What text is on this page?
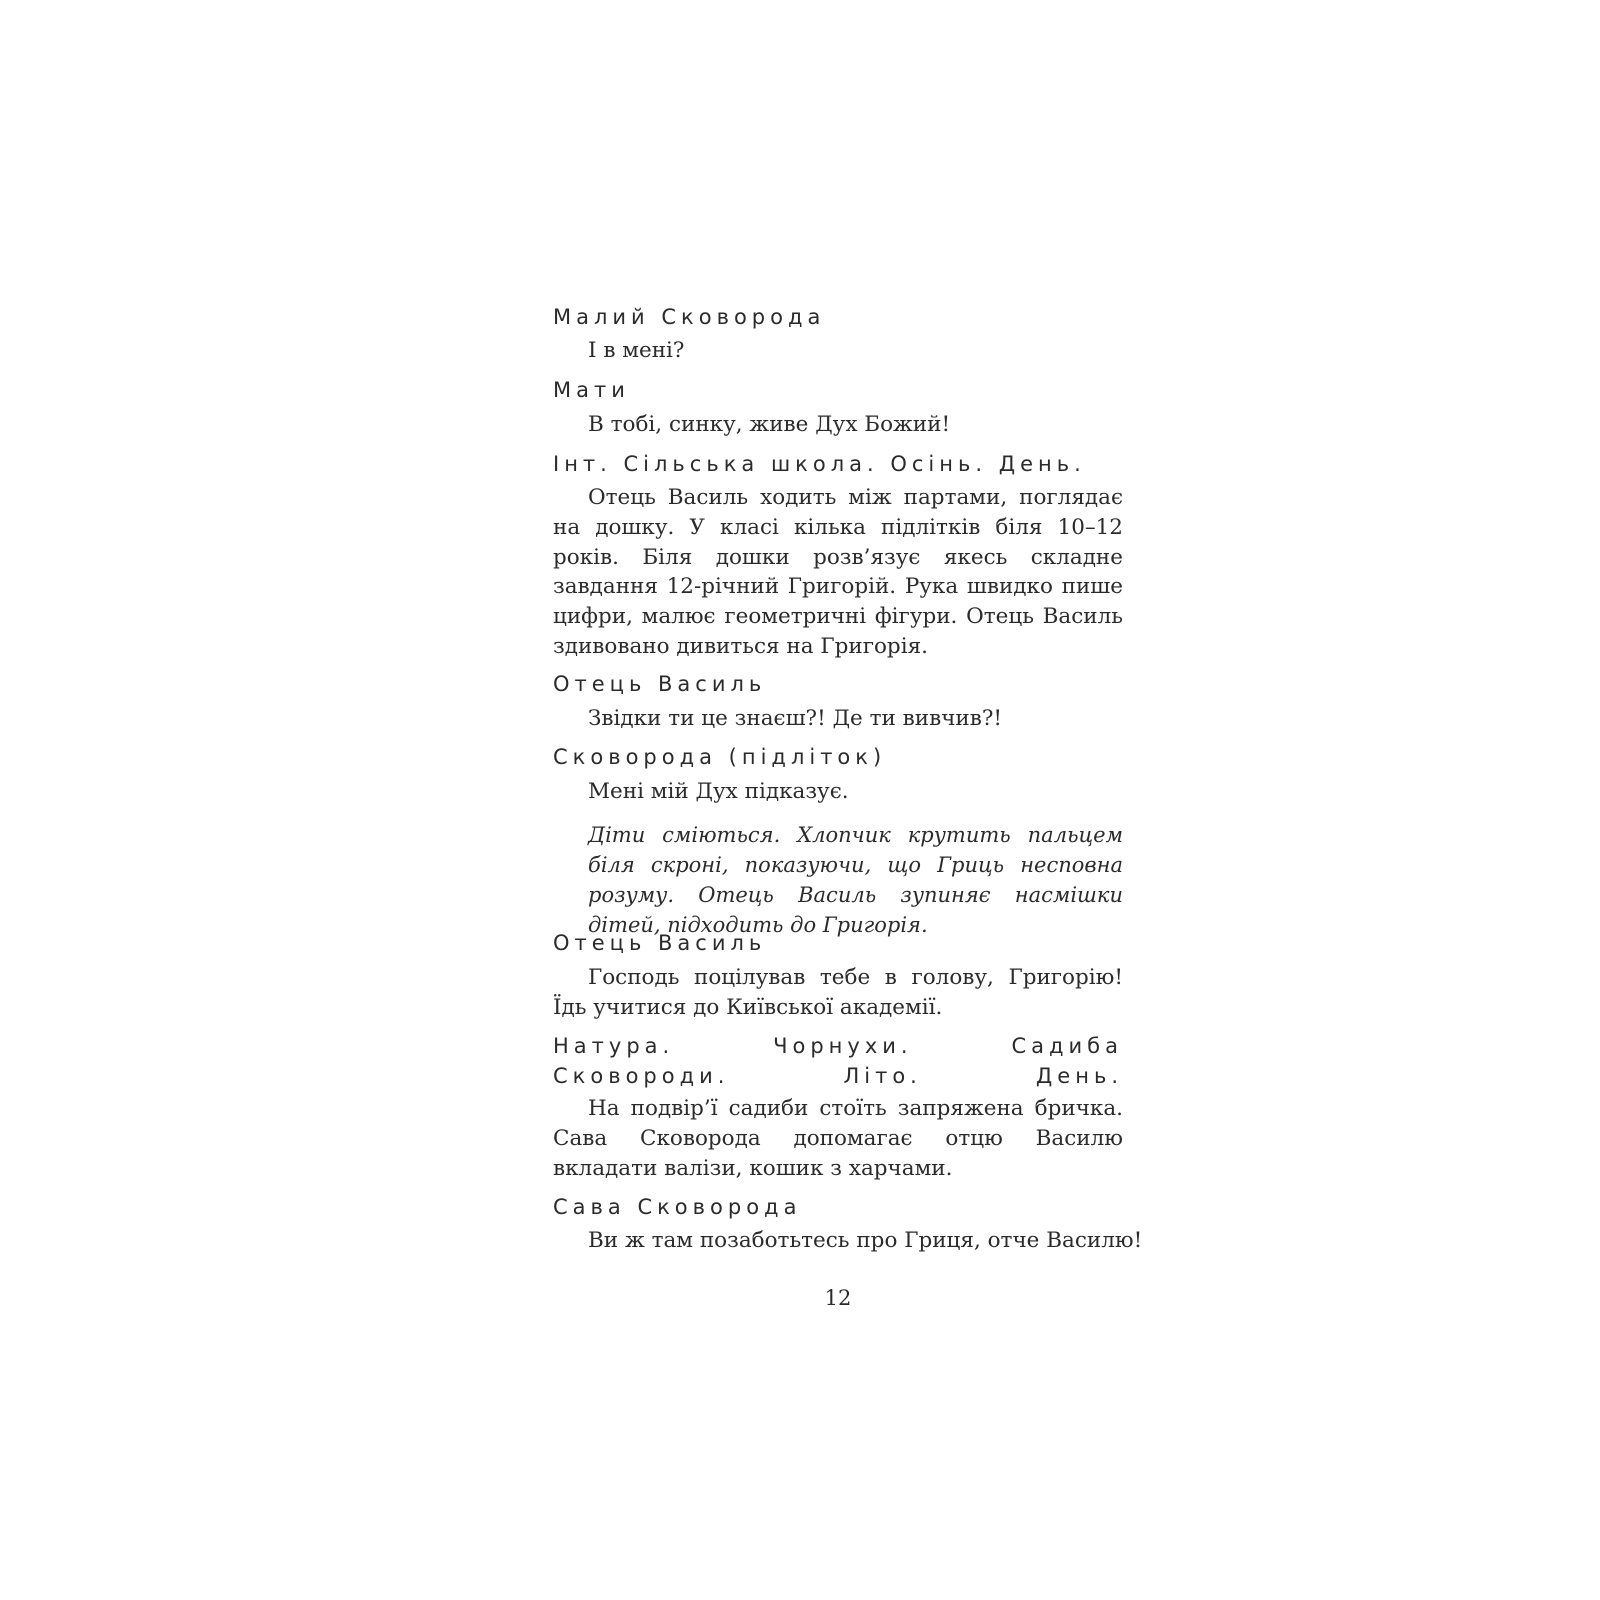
Малий Сковорода
І в мені?
Мати
В тобі, синку, живе Дух Божий!
Інт. Сільська школа. Осінь. День.
Отець Василь ходить між партами, поглядає на дошку. У класі кілька підлітків біля 10–12 років. Біля дошки розв’язує якесь складне завдання 12-річний Григорій. Рука швидко пише цифри, малює геометричні фігури. Отець Василь здивовано дивиться на Григорія.
Отець Василь
Звідки ти це знаєш?! Де ти вивчив?!
Сковорода (підліток)
Мені мій Дух підказує.
Діти сміються. Хлопчик крутить пальцем біля скроні, показуючи, що Гриць несповна розуму. Отець Василь зупиняє насмішки дітей, підходить до Григорія.
Отець Василь
Господь поцілував тебе в голову, Григорію! Їдь учитися до Київської академії.
Натура. Чорнухи. Садиба Сковороди. Літо. День.
На подвір’ї садиби стоїть запряжена бричка. Сава Сковорода допомагає отцю Василю вкладати валізи, кошик з харчами.
Сава Сковорода
Ви ж там позаботьтесь про Гриця, отче Василю!
12
